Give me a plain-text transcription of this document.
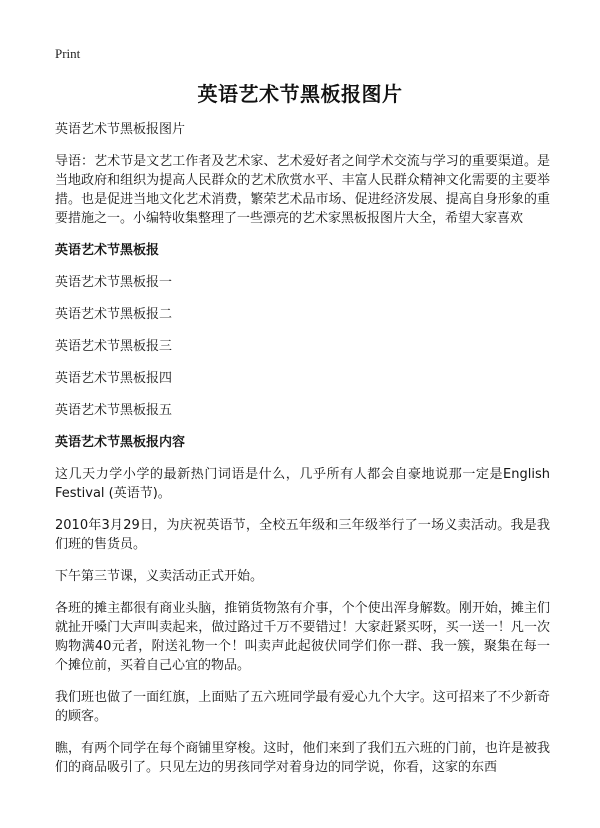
Print
英语艺术节黑板报图片

英语艺术节黑板报图片

导语：艺术节是文艺工作者及艺术家、艺术爱好者之间学术交流与学习的重要渠道。是当地政府和组织为提高人民群众的艺术欣赏水平、丰富人民群众精神文化需要的主要举措。也是促进当地文化艺术消费，繁荣艺术品市场、促进经济发展、提高自身形象的重要措施之一。小编特收集整理了一些漂亮的艺术家黑板报图片大全，希望大家喜欢

英语艺术节黑板报

英语艺术节黑板报一

英语艺术节黑板报二

英语艺术节黑板报三

英语艺术节黑板报四

英语艺术节黑板报五

英语艺术节黑板报内容

这几天力学小学的最新热门词语是什么，几乎所有人都会自豪地说那一定是English Festival (英语节)。

2010年3月29日，为庆祝英语节，全校五年级和三年级举行了一场义卖活动。我是我们班的售货员。

下午第三节课，义卖活动正式开始。

各班的摊主都很有商业头脑，推销货物煞有介事，个个使出浑身解数。刚开始，摊主们就扯开嗓门大声叫卖起来，做过路过千万不要错过！大家赶紧买呀，买一送一！凡一次购物满40元者，附送礼物一个！叫卖声此起彼伏同学们你一群、我一簇，聚集在每一个摊位前，买着自己心宜的物品。

我们班也做了一面红旗，上面贴了五六班同学最有爱心九个大字。这可招来了不少新奇的顾客。

瞧，有两个同学在每个商铺里穿梭。这时，他们来到了我们五六班的门前，也许是被我们的商品吸引了。只见左边的男孩同学对着身边的同学说，你看，这家的东西
